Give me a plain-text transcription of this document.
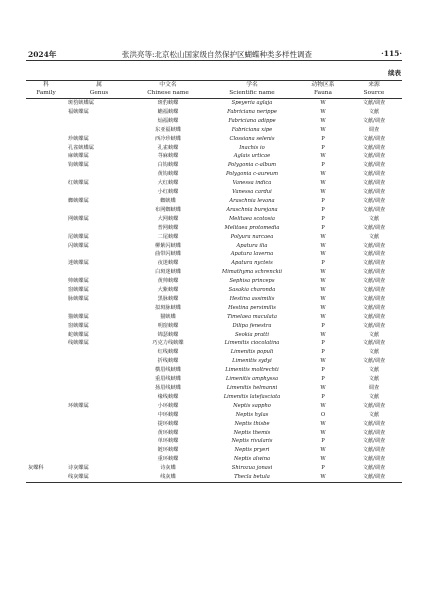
2024年	张洪亮等:北京松山国家级自然保护区蝴蝶种类多样性调查	·115·
续表
科	属	中文名	学名	动物区系	来源
Family	Genus	Chinese name	Scientific name	Fauna	Source
	斑豹蛱蝶属	斑豹蛱蝶	Speyeria aglaja	W	文献/调查
	福蛱蝶属	蟾福蛱蝶	Fabriciana nerippe	W	文献
		灿福蛱蝶	Fabriciana adippe	W	文献/调查
		东亚福蛱蝶	Fabriciana xipe	W	调查
	珍蛱蝶属	西冷珍蛱蝶	Clossiana selenis	P	文献/调查
	孔雀蛱蝶属	孔雀蛱蝶	Inachis io	P	文献/调查
	麻蛱蝶属	荨麻蛱蝶	Aglais urticae	W	文献/调查
	钩蛱蝶属	白钩蛱蝶	Polygonia c-album	P	文献/调查
		黄钩蛱蝶	Polygonia c-aureum	W	文献/调查
	红蛱蝶属	大红蛱蝶	Vanessa indica	W	文献/调查
		小红蛱蝶	Vanessa cardui	W	文献/调查
	蜘蛱蝶属	蜘蛱蝶	Araschnia levana	P	文献/调查
		布网蜘蛱蝶	Araschnia burejana	P	文献/调查
	网蛱蝶属	大网蛱蝶	Melitaea scotosia	P	文献
		普网蛱蝶	Melitaea protomedia	P	文献/调查
	尾蛱蝶属	二尾蛱蝶	Polyura narcaea	W	文献
	闪蛱蝶属	柳紫闪蛱蝶	Apatura ilia	W	文献/调查
		曲带闪蛱蝶	Apatura laverna	W	文献/调查
	迷蛱蝶属	夜迷蛱蝶	Apatura nycteis	P	文献/调查
		白斑迷蛱蝶	Mimathyma schrenckii	W	文献/调查
	帅蛱蝶属	黄帅蛱蝶	Sephisa princeps	W	文献/调查
	窗蛱蝶属	大紫蛱蝶	Sasakia charonda	W	文献/调查
	脉蛱蝶属	黑脉蛱蝶	Hestina assimilis	W	文献/调查
		拟斑脉蛱蝶	Hestina persimilis	W	文献/调查
	猫蛱蝶属	猫蛱蝶	Timelaea maculata	W	文献/调查
	窗蛱蝶属	明窗蛱蝶	Dilipa fenestra	P	文献/调查
	蛇蛱蝶属	锦瑟蛱蝶	Seokia pratti	W	文献
	线蛱蝶属	巧克力线蛱蝶	Limenitis ciocolatina	P	文献/调查
		红线蛱蝶	Limenitis populi	P	文献
		折线蛱蝶	Limenitis sydyi	W	文献/调查
		横眉线蛱蝶	Limenitis moltrechti	P	文献
		重眉线蛱蝶	Limenitis amphyssa	P	文献
		扬眉线蛱蝶	Limenitis helmanni	W	调查
		缘线蛱蝶	Limenitis latefasciata	P	文献
	环蛱蝶属	小环蛱蝶	Neptis sappho	W	文献/调查
		中环蛱蝶	Neptis hylas	O	文献
		提环蛱蝶	Neptis thisbe	W	文献/调查
		黄环蛱蝶	Neptis themis	W	文献/调查
		单环蛱蝶	Neptis rivularis	P	文献/调查
		链环蛱蝶	Neptis pryeri	W	文献/调查
		重环蛱蝶	Neptis alwina	W	文献/调查
灰蝶科	诗灰蝶属	诗灰蝶	Shirozua jonasi	P	文献/调查
	线灰蝶属	线灰蝶	Thecla betula	W	文献/调查
